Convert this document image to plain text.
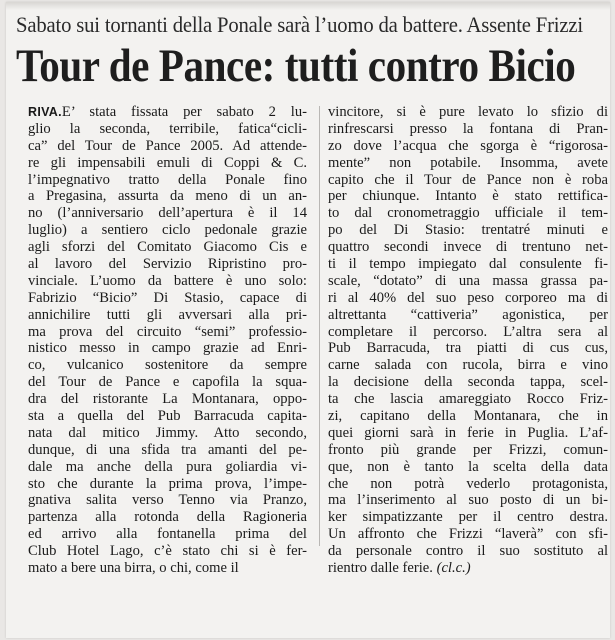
Sabato sui tornanti della Ponale sarà l’uomo da battere. Assente Frizzi
Tour de Pance: tutti contro Bicio
RIVA.E’ stata fissata per sabato 2 lu-
glio la seconda, terribile, fatica“cicli-
ca” del Tour de Pance 2005. Ad attende-
re gli impensabili emuli di Coppi & C.
l’impegnativo tratto della Ponale fino
a Pregasina, assurta da meno di un an-
no (l’anniversario dell’apertura è il 14
luglio) a sentiero ciclo pedonale grazie
agli sforzi del Comitato Giacomo Cis e
al lavoro del Servizio Ripristino pro-
vinciale. L’uomo da battere è uno solo:
Fabrizio “Bicio” Di Stasio, capace di
annichilire tutti gli avversari alla pri-
ma prova del circuito “semi” professio-
nistico messo in campo grazie ad Enri-
co, vulcanico sostenitore da sempre
del Tour de Pance e capofila la squa-
dra del ristorante La Montanara, oppo-
sta a quella del Pub Barracuda capita-
nata dal mitico Jimmy. Atto secondo,
dunque, di una sfida tra amanti del pe-
dale ma anche della pura goliardia vi-
sto che durante la prima prova, l’impe-
gnativa salita verso Tenno via Pranzo,
partenza alla rotonda della Ragioneria
ed arrivo alla fontanella prima del
Club Hotel Lago, c’è stato chi si è fer-
mato a bere una birra, o chi, come il
vincitore, si è pure levato lo sfizio di
rinfrescarsi presso la fontana di Pran-
zo dove l’acqua che sgorga è “rigorosa-
mente” non potabile. Insomma, avete
capito che il Tour de Pance non è roba
per chiunque. Intanto è stato rettifica-
to dal cronometraggio ufficiale il tem-
po del Di Stasio: trentatré minuti e
quattro secondi invece di trentuno net-
ti il tempo impiegato dal consulente fi-
scale, “dotato” di una massa grassa pa-
ri al 40% del suo peso corporeo ma di
altrettanta “cattiveria” agonistica, per
completare il percorso. L’altra sera al
Pub Barracuda, tra piatti di cus cus,
carne salada con rucola, birra e vino
la decisione della seconda tappa, scel-
ta che lascia amareggiato Rocco Friz-
zi, capitano della Montanara, che in
quei giorni sarà in ferie in Puglia. L’af-
fronto più grande per Frizzi, comun-
que, non è tanto la scelta della data
che non potrà vederlo protagonista,
ma l’inserimento al suo posto di un bi-
ker simpatizzante per il centro destra.
Un affronto che Frizzi “laverà” con sfi-
da personale contro il suo sostituto al
rientro dalle ferie. (cl.c.)
